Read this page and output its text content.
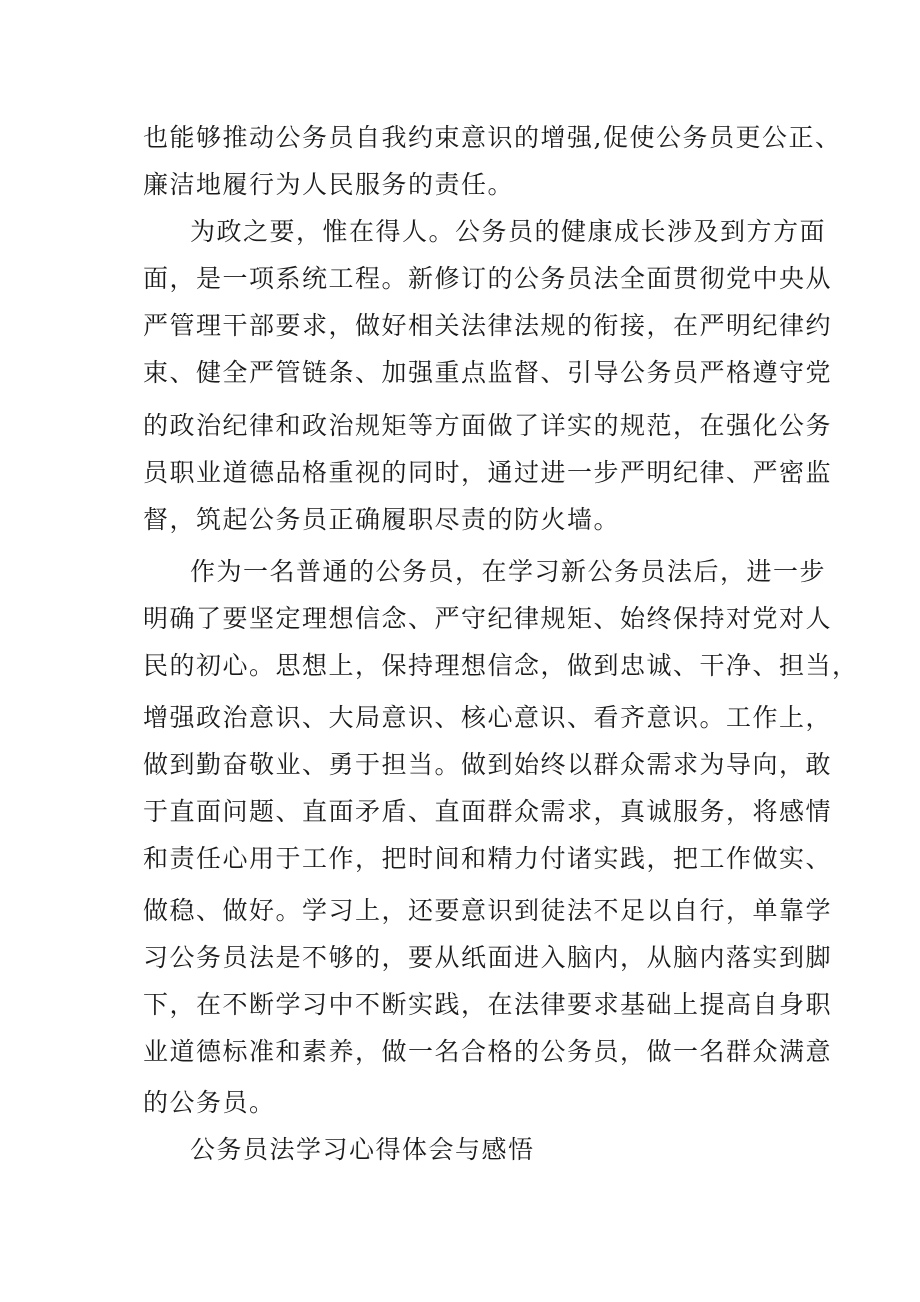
也能够推动公务员自我约束意识的增强,促使公务员更公正、
廉洁地履行为人民服务的责任。
为政之要，惟在得人。公务员的健康成长涉及到方方面
面，是一项系统工程。新修订的公务员法全面贯彻党中央从
严管理干部要求，做好相关法律法规的衔接，在严明纪律约
束、健全严管链条、加强重点监督、引导公务员严格遵守党
的政治纪律和政治规矩等方面做了详实的规范，在强化公务
员职业道德品格重视的同时，通过进一步严明纪律、严密监
督，筑起公务员正确履职尽责的防火墙。
作为一名普通的公务员，在学习新公务员法后，进一步
明确了要坚定理想信念、严守纪律规矩、始终保持对党对人
民的初心。思想上，保持理想信念，做到忠诚、干净、担当，
增强政治意识、大局意识、核心意识、看齐意识。工作上，
做到勤奋敬业、勇于担当。做到始终以群众需求为导向，敢
于直面问题、直面矛盾、直面群众需求，真诚服务，将感情
和责任心用于工作，把时间和精力付诸实践，把工作做实、
做稳、做好。学习上，还要意识到徒法不足以自行，单靠学
习公务员法是不够的，要从纸面进入脑内，从脑内落实到脚
下，在不断学习中不断实践，在法律要求基础上提高自身职
业道德标准和素养，做一名合格的公务员，做一名群众满意
的公务员。
公务员法学习心得体会与感悟
